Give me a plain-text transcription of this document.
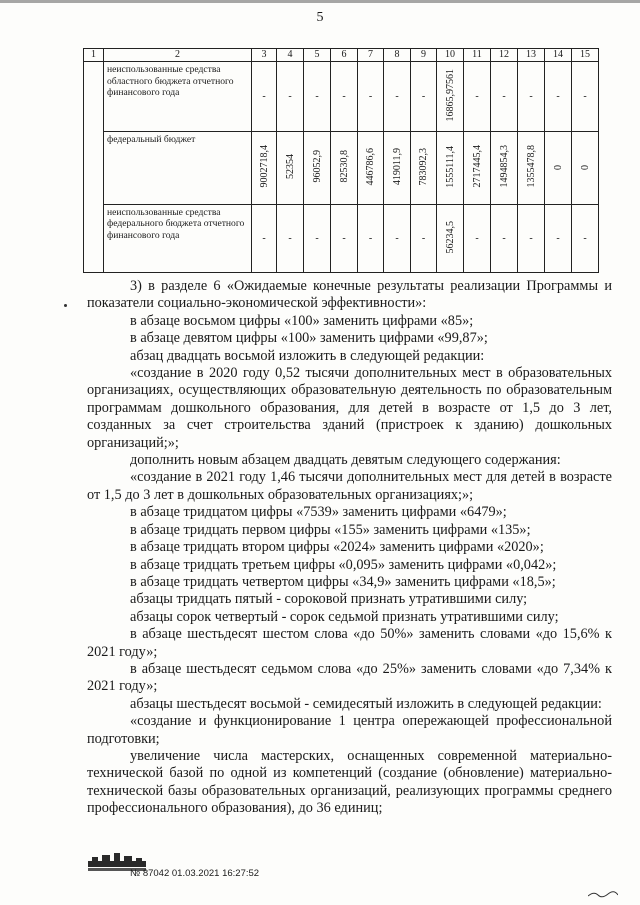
5
1	2	3	4	5	6	7	8	9	10	11	12	13	14	15
	неиспользованные средства областного бюджета отчетного финансового года	-	-	-	-	-	-	-	16865,97561	-	-	-	-	-
	федеральный бюджет	9002718,4	52354	96052,9	82530,8	446786,6	419011,9	783092,3	1555111,4	2717445,4	1494854,3	1355478,8	0	0
	неиспользованные средства федерального бюджета отчетного финансового года	-	-	-	-	-	-	-	56234,5	-	-	-	-	-

3) в разделе 6 «Ожидаемые конечные результаты реализации Программы и показатели социально-экономической эффективности»:

в абзаце восьмом цифры «100» заменить цифрами «85»;

в абзаце девятом цифры «100» заменить цифрами «99,87»;

абзац двадцать восьмой изложить в следующей редакции:

«создание в 2020 году 0,52 тысячи дополнительных мест в образовательных организациях, осуществляющих образовательную деятельность по образовательным программам дошкольного образования, для детей в возрасте от 1,5 до 3 лет, созданных за счет строительства зданий (пристроек к зданию) дошкольных организаций;»;

дополнить новым абзацем двадцать девятым следующего содержания:

«создание в 2021 году 1,46 тысячи дополнительных мест для детей в возрасте от 1,5 до 3 лет в дошкольных образовательных организациях;»;

в абзаце тридцатом цифры «7539» заменить цифрами «6479»;

в абзаце тридцать первом цифры «155» заменить цифрами «135»;

в абзаце тридцать втором цифры «2024» заменить цифрами «2020»;

в абзаце тридцать третьем цифры «0,095» заменить цифрами «0,042»;

в абзаце тридцать четвертом цифры «34,9» заменить цифрами «18,5»;

абзацы тридцать пятый - сороковой признать утратившими силу;

абзацы сорок четвертый - сорок седьмой признать утратившими силу;

в абзаце шестьдесят шестом слова «до 50%» заменить словами «до 15,6% к 2021 году»;

в абзаце шестьдесят седьмом слова «до 25%» заменить словами «до 7,34% к 2021 году»;

абзацы шестьдесят восьмой - семидесятый изложить в следующей редакции:

«создание и функционирование 1 центра опережающей профессиональной подготовки;

увеличение числа мастерских, оснащенных современной материально-технической базой по одной из компетенций (создание (обновление) материально-технической базы образовательных организаций, реализующих программы среднего профессионального образования), до 36 единиц;

№ 87042 01.03.2021 16:27:52
